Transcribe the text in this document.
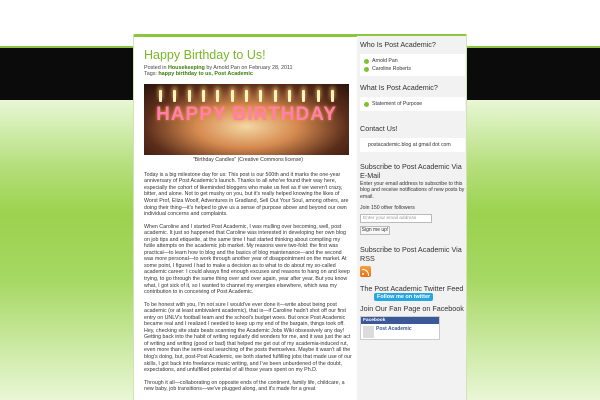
Happy Birthday to Us!
Posted in Housekeeping by Arnold Pan on February 28, 2011
Tags: happy birthday to us, Post Academic
HAPPY BIRTHDAY
"Birthday Candles" (Creative Commons license)

Today is a big milestone day for us: This post is our 500th and it marks the one-year anniversary of Post Academic's launch. Thanks to all who've found their way here, especially the cohort of likeminded bloggers who make us feel as if we weren't crazy, bitter, and alone. Not to get mushy on you, but it's really helped knowing the likes of Worst Prof, Eliza Woolf, Adventures in Gradland, Sell Out Your Soul, among others, are doing their thing—it's helped to give us a sense of purpose above and beyond our own individual concerns and complaints.

When Caroline and I started Post Academic, I was mulling over becoming, well, post academic. It just so happened that Caroline was interested in developing her own blog on job tips and etiquette, at the same time I had started thinking about compiling my futile attempts on the academic job market. My reasons were two-fold: the first was practical—to learn how to blog and the basics of blog maintenance—and the second was more personal—to work through another year of disappointment on the market. At some point, I figured I had to make a decision as to what to do about my so-called academic career: I could always find enough excuses and reasons to hang on and keep trying, to go through the same thing over and over again, year after year. But you know what, I got sick of it, so I wanted to channel my energies elsewhere, which was my contribution to in conceiving of Post Academic.

To be honest with you, I'm not sure I would've ever done it—write about being post academic (or at least ambivalent academic), that is—if Caroline hadn't shot off our first entry on UNLV's football team and the school's budget woes. But once Post Academic became real and I realized I needed to keep up my end of the bargain, things took off. Hey, checking site stats beats scanning the Academic Jobs Wiki obsessively any day! Getting back into the habit of writing regularly did wonders for me, and it was just the act of writing and writing (good or bad) that helped me get out of my academia-induced rut, even more than the semi-soul searching of the posts themselves. Maybe it wasn't all the blog's doing, but, post-Post Academic, we both started fulfilling jobs that made use of our skills, I got back into freelance music writing, and I've been unburdened of the doubt, expectations, and unfulfilled potential of all those years spent on my Ph.D.

Through it all—collaborating on opposite ends of the continent, family life, childcare, a new baby, job transitions—we've plugged along, and it's made for a great

Who Is Post Academic?
Arnold Pan
Caroline Roberts
What Is Post Academic?
Statement of Purpose
Contact Us!
postacademic.blog at gmail dot com
Subscribe to Post Academic Via E-Mail
Enter your email address to subscribe to this blog and receive notifications of new posts by email.
Join 150 other followers
Enter your email address
Sign me up!
Subscribe to Post Academic Via RSS
The Post Academic Twitter Feed
Follow me on twitter
Join Our Fan Page on Facebook
Facebook
Post Academic
